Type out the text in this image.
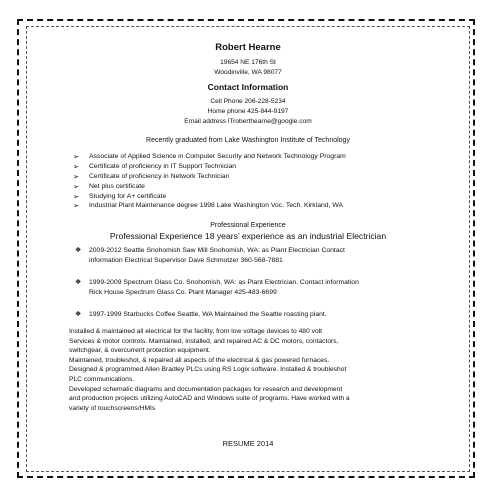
Robert Hearne
19654 NE 176th St
Woodinville, WA 98077
Contact Information
Cell Phone 206-228-5234
Home phone 425-844-9197
Email address lTroberthearne@google.com
Recently graduated from Lake Washington Institute of Technology
➢ Associate of Applied Science in Computer Security and Network Technology Program
➢ Certificate of proficiency in IT Support Technician
➢ Certificate of proficiency in Network Technician
➢ Net plus certificate
➢ Studying for A+ certificate
➢ Industrial Plant Maintenance degree 1998 Lake Washington Voc. Tech. Kirkland, WA
Professional Experience
Professional Experience 18 years’ experience as an industrial Electrician
❖ 2009-2012 Seattle Snohomish Saw Mill Snohomish, WA: as Plant Electrician Contact
information Electrical Supervisor Dave Schmotzer 360-568-7881
❖ 1999-2009 Spectrum Glass Co. Snohomish, WA: as Plant Electrician. Contact information
Rick House Spectrum Glass Co. Plant Manager 425-483-6699
❖ 1997-1999 Starbucks Coffee Seattle, WA Maintained the Seattle roasting plant.

Installed & maintained all electrical for the facility, from low voltage devices to 480 volt

Services & motor controls. Maintained, installed, and repaired AC & DC motors, contactors,

switchgear, & overcurrent protection equipment.

Maintained, troubleshot, & repaired all aspects of the electrical & gas powered furnaces.

Designed & programmed Allen Bradley PLCs using RS Logix software. Installed & troubleshot

PLC communications.

Developed schematic diagrams and documentation packages for research and development

and production projects utilizing AutoCAD and Windows suite of programs. Have worked with a

variety of touchscreens/HMIs

RESUME 2014
